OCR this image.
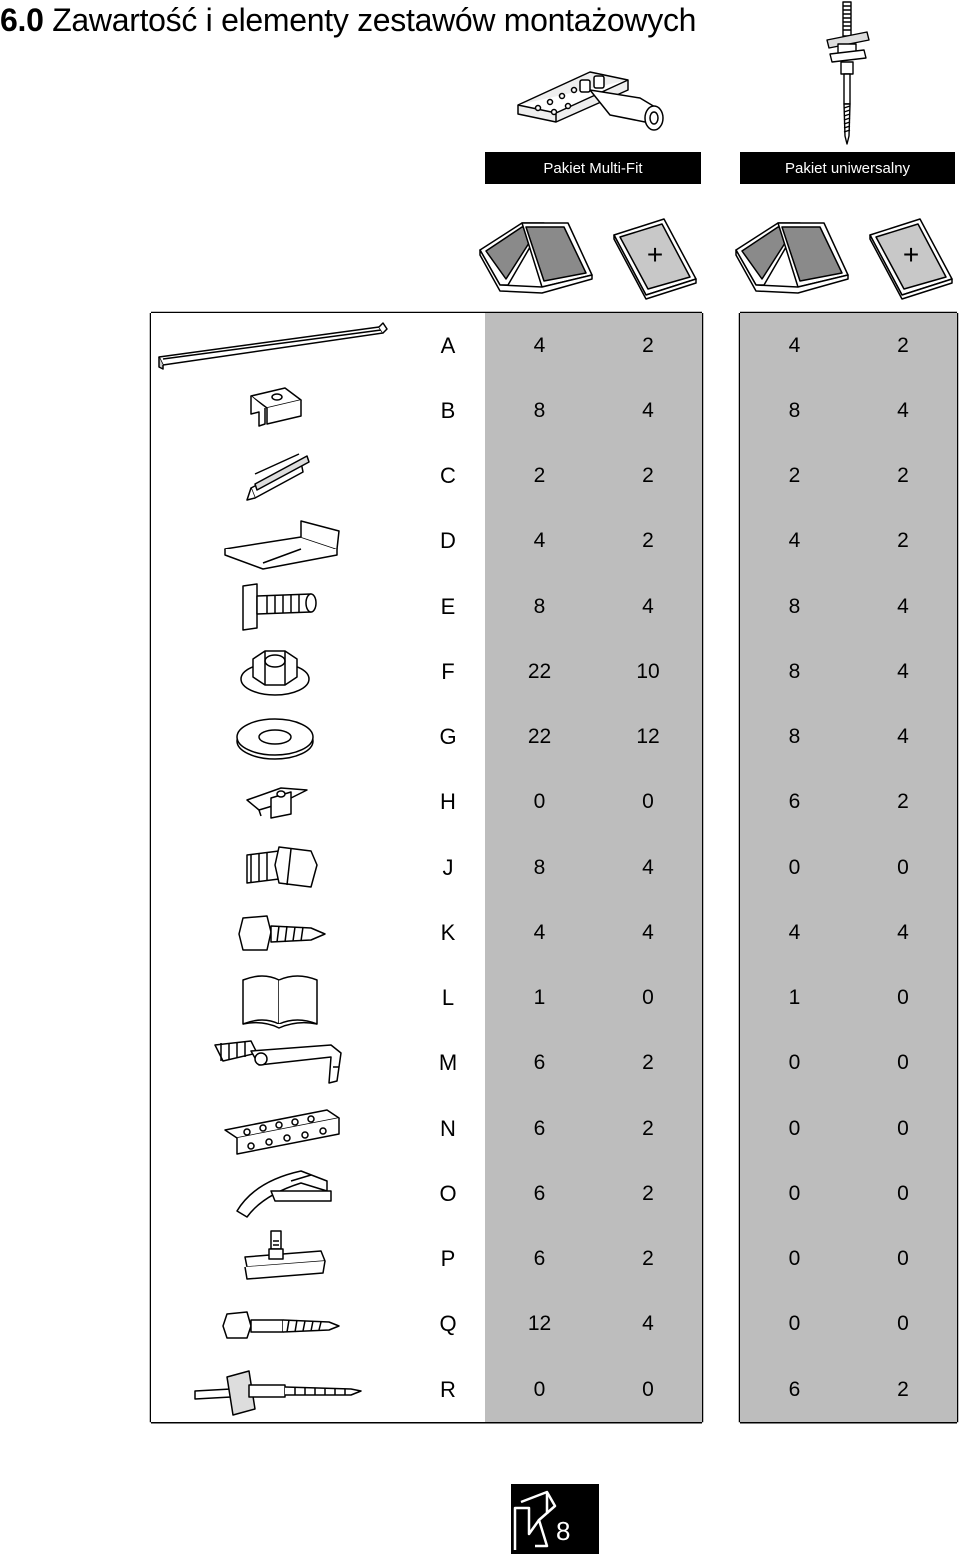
6.0 Zawartość i elementy zestawów montażowych
Pakiet Multi-Fit	Pakiet uniwersalny
+	+
A	4	2	4	2
B	8	4	8	4
C	2	2	2	2
D	4	2	4	2
E	8	4	8	4
F	22	10	8	4
G	22	12	8	4
H	0	0	6	2
J	8	4	0	0
K	4	4	4	4
L	1	0	1	0
M	6	2	0	0
N	6	2	0	0
O	6	2	0	0
P	6	2	0	0
Q	12	4	0	0
R	0	0	6	2
8
